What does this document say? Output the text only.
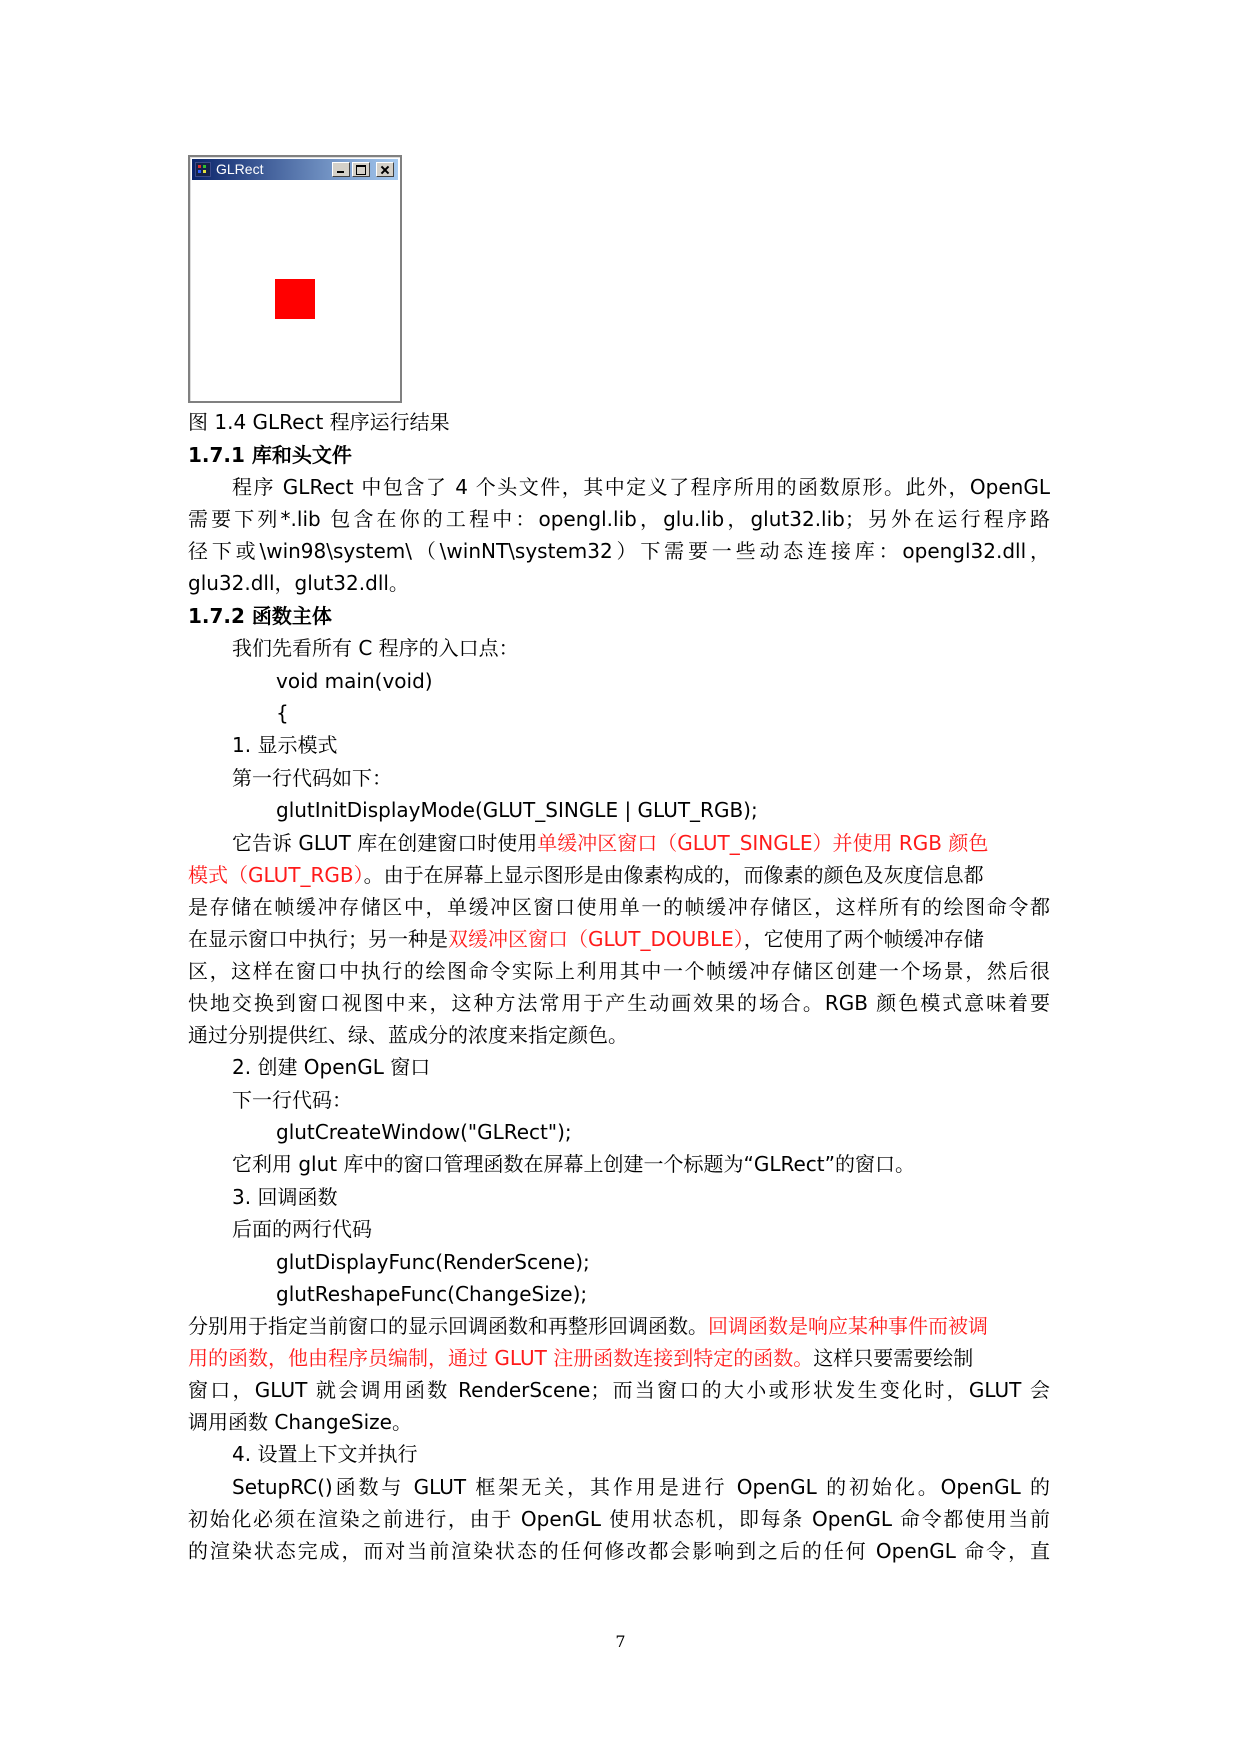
GLRect
图 1.4 GLRect 程序运行结果
1.7.1 库和头文件
程序 GLRect 中包含了 4 个头文件，其中定义了程序所用的函数原形。此外，OpenGL
需要下列*.lib 包含在你的工程中：opengl.lib，glu.lib，glut32.lib；另外在运行程序路
径下或\win98\system\（\winNT\system32）下需要一些动态连接库：opengl32.dll，
glu32.dll，glut32.dll。
1.7.2 函数主体
我们先看所有 C 程序的入口点：
void main(void)
{
1. 显示模式
第一行代码如下：
glutInitDisplayMode(GLUT_SINGLE | GLUT_RGB);
它告诉 GLUT 库在创建窗口时使用单缓冲区窗口（GLUT_SINGLE）并使用 RGB 颜色
模式（GLUT_RGB）。由于在屏幕上显示图形是由像素构成的，而像素的颜色及灰度信息都
是存储在帧缓冲存储区中，单缓冲区窗口使用单一的帧缓冲存储区，这样所有的绘图命令都
在显示窗口中执行；另一种是双缓冲区窗口（GLUT_DOUBLE），它使用了两个帧缓冲存储
区，这样在窗口中执行的绘图命令实际上利用其中一个帧缓冲存储区创建一个场景，然后很
快地交换到窗口视图中来，这种方法常用于产生动画效果的场合。RGB 颜色模式意味着要
通过分别提供红、绿、蓝成分的浓度来指定颜色。
2. 创建 OpenGL 窗口
下一行代码：
glutCreateWindow("GLRect");
它利用 glut 库中的窗口管理函数在屏幕上创建一个标题为“GLRect”的窗口。
3. 回调函数
后面的两行代码
glutDisplayFunc(RenderScene);
glutReshapeFunc(ChangeSize);
分别用于指定当前窗口的显示回调函数和再整形回调函数。回调函数是响应某种事件而被调
用的函数，他由程序员编制，通过 GLUT 注册函数连接到特定的函数。这样只要需要绘制
窗口，GLUT 就会调用函数 RenderScene；而当窗口的大小或形状发生变化时，GLUT 会
调用函数 ChangeSize。
4. 设置上下文并执行
SetupRC()函数与 GLUT 框架无关，其作用是进行 OpenGL 的初始化。OpenGL 的
初始化必须在渲染之前进行，由于 OpenGL 使用状态机，即每条 OpenGL 命令都使用当前
的渲染状态完成，而对当前渲染状态的任何修改都会影响到之后的任何 OpenGL 命令，直
7
